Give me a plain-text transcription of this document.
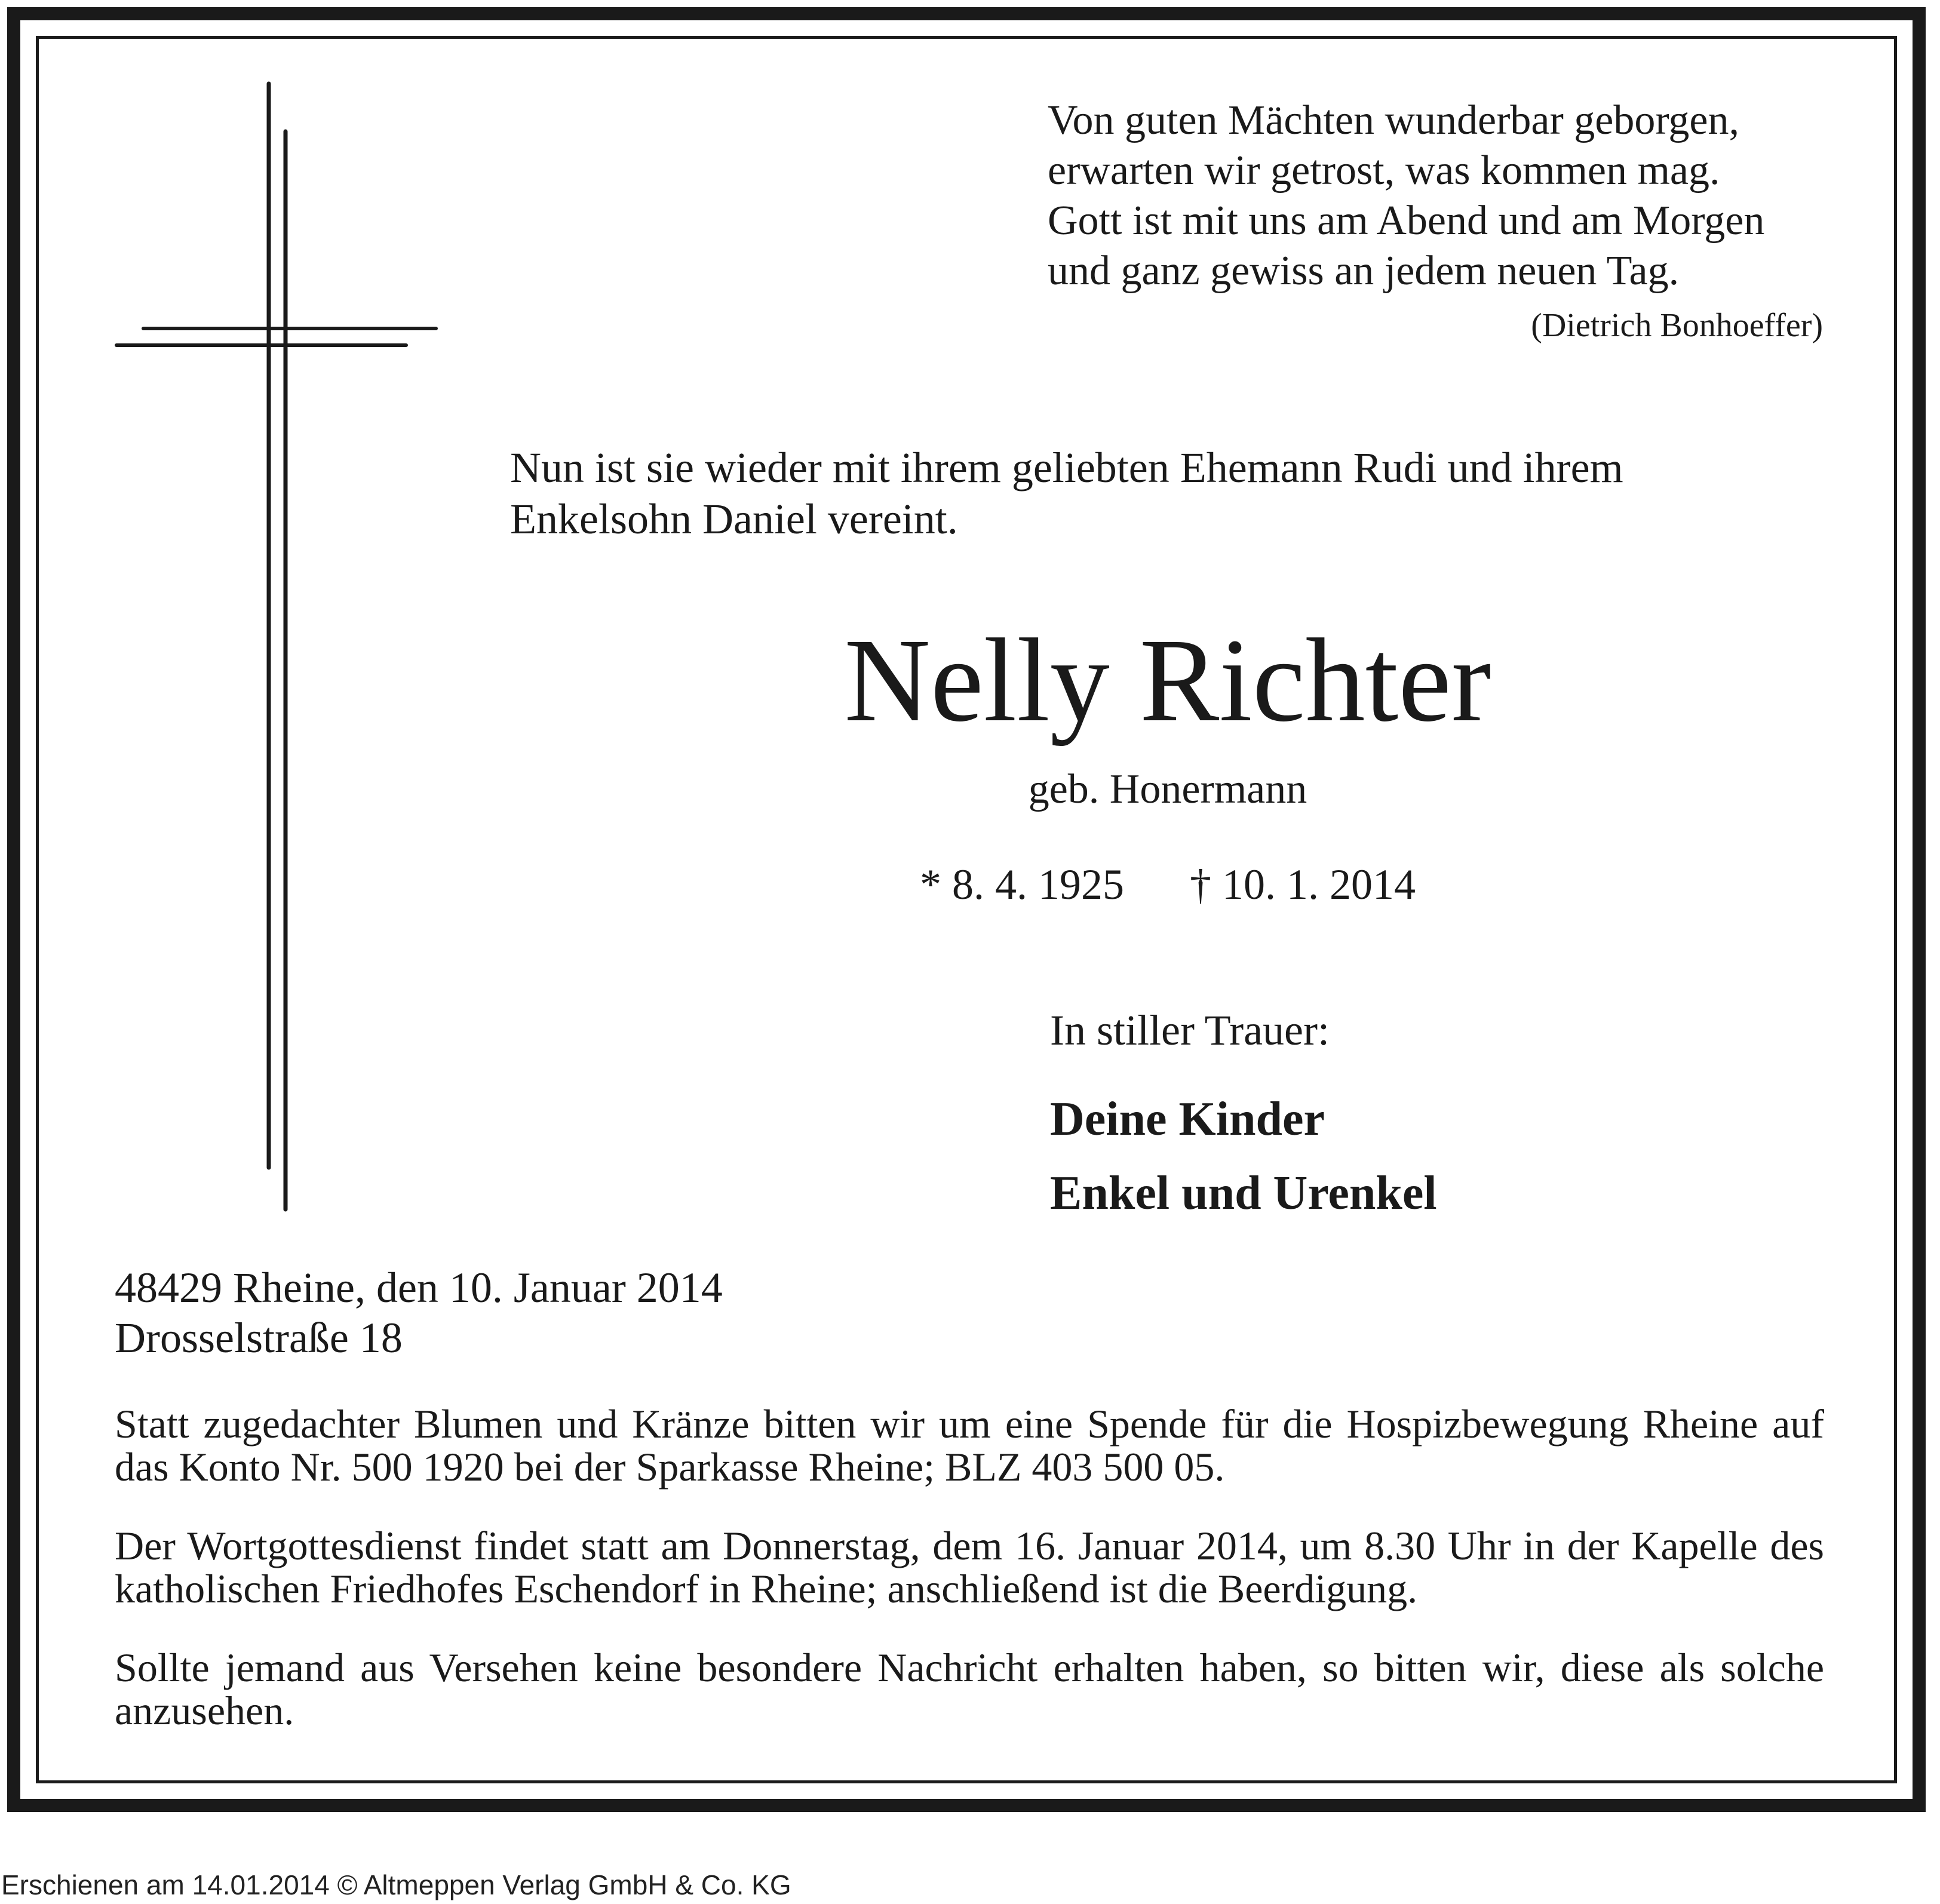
Von guten Mächten wunderbar geborgen,
erwarten wir getrost, was kommen mag.
Gott ist mit uns am Abend und am Morgen
und ganz gewiss an jedem neuen Tag.
(Dietrich Bonhoeffer)
Nun ist sie wieder mit ihrem geliebten Ehemann Rudi und ihrem
Enkelsohn Daniel vereint.
Nelly Richter
geb. Honermann
* 8. 4. 1925 † 10. 1. 2014
In stiller Trauer:
Deine Kinder
Enkel und Urenkel
48429 Rheine, den 10. Januar 2014
Drosselstraße 18

Statt zugedachter Blumen und Kränze bitten wir um eine Spende für die Hospizbewegung Rheine auf das Konto Nr. 500 1920 bei der Sparkasse Rheine; BLZ 403 500 05.

Der Wortgottesdienst findet statt am Donnerstag, dem 16. Januar 2014, um 8.30 Uhr in der Kapelle des katholischen Friedhofes Eschendorf in Rheine; anschließend ist die Beerdigung.

Sollte jemand aus Versehen keine besondere Nachricht erhalten haben, so bitten wir, diese als solche anzusehen.

Erschienen am 14.01.2014 © Altmeppen Verlag GmbH & Co. KG
